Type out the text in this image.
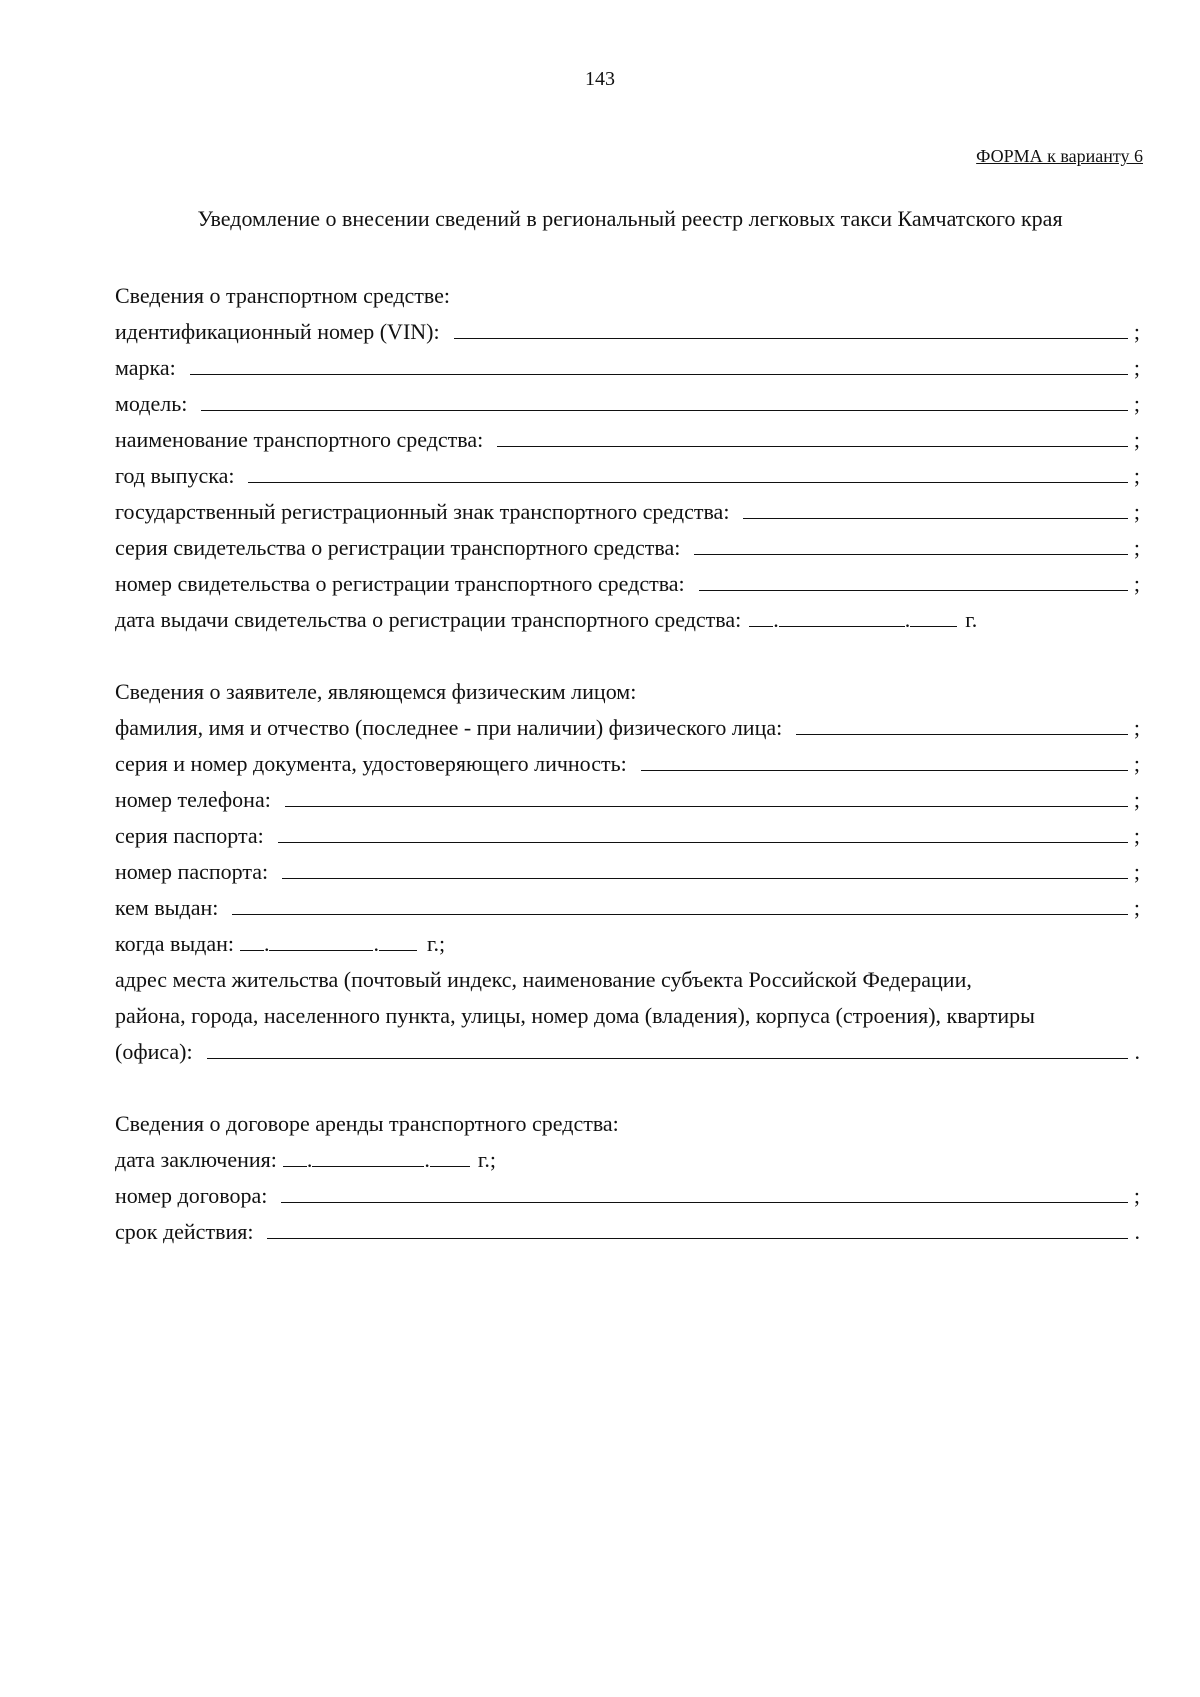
143
ФОРМА к варианту 6
Уведомление о внесении сведений в региональный реестр легковых такси Камчатского края
Сведения о транспортном средстве:
идентификационный номер (VIN):	;
марка:	;
модель:	;
наименование транспортного средства:	;
год выпуска:	;
государственный регистрационный знак транспортного средства:	;
серия свидетельства о регистрации транспортного средства:	;
номер свидетельства о регистрации транспортного средства:	;
дата выдачи свидетельства о регистрации транспортного средства: .	.	г.
Сведения о заявителе, являющемся физическим лицом:
фамилия, имя и отчество (последнее - при наличии) физического лица:	;
серия и номер документа, удостоверяющего личность:	;
номер телефона:	;
серия паспорта:	;
номер паспорта:	;
кем выдан:	;
когда выдан: .	. г.;
адрес места жительства (почтовый индекс, наименование субъекта Российской Федерации,
района, города, населенного пункта, улицы, номер дома (владения), корпуса (строения), квартиры
(офиса):	.
Сведения о договоре аренды транспортного средства:
дата заключения: .	. г.;
номер договора:	;
срок действия:	.
